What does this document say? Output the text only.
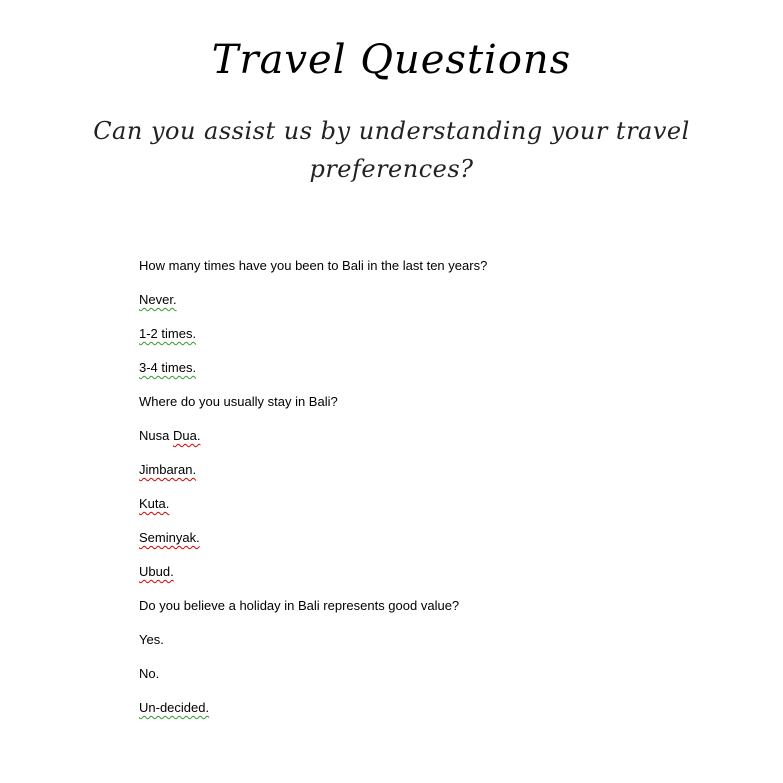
Travel Questions
Can you assist us by understanding your travel preferences?
How many times have you been to Bali in the last ten years?
Never.
1-2 times.
3-4 times.
Where do you usually stay in Bali?
Nusa Dua.
Jimbaran.
Kuta.
Seminyak.
Ubud.
Do you believe a holiday in Bali represents good value?
Yes.
No.
Un-decided.
